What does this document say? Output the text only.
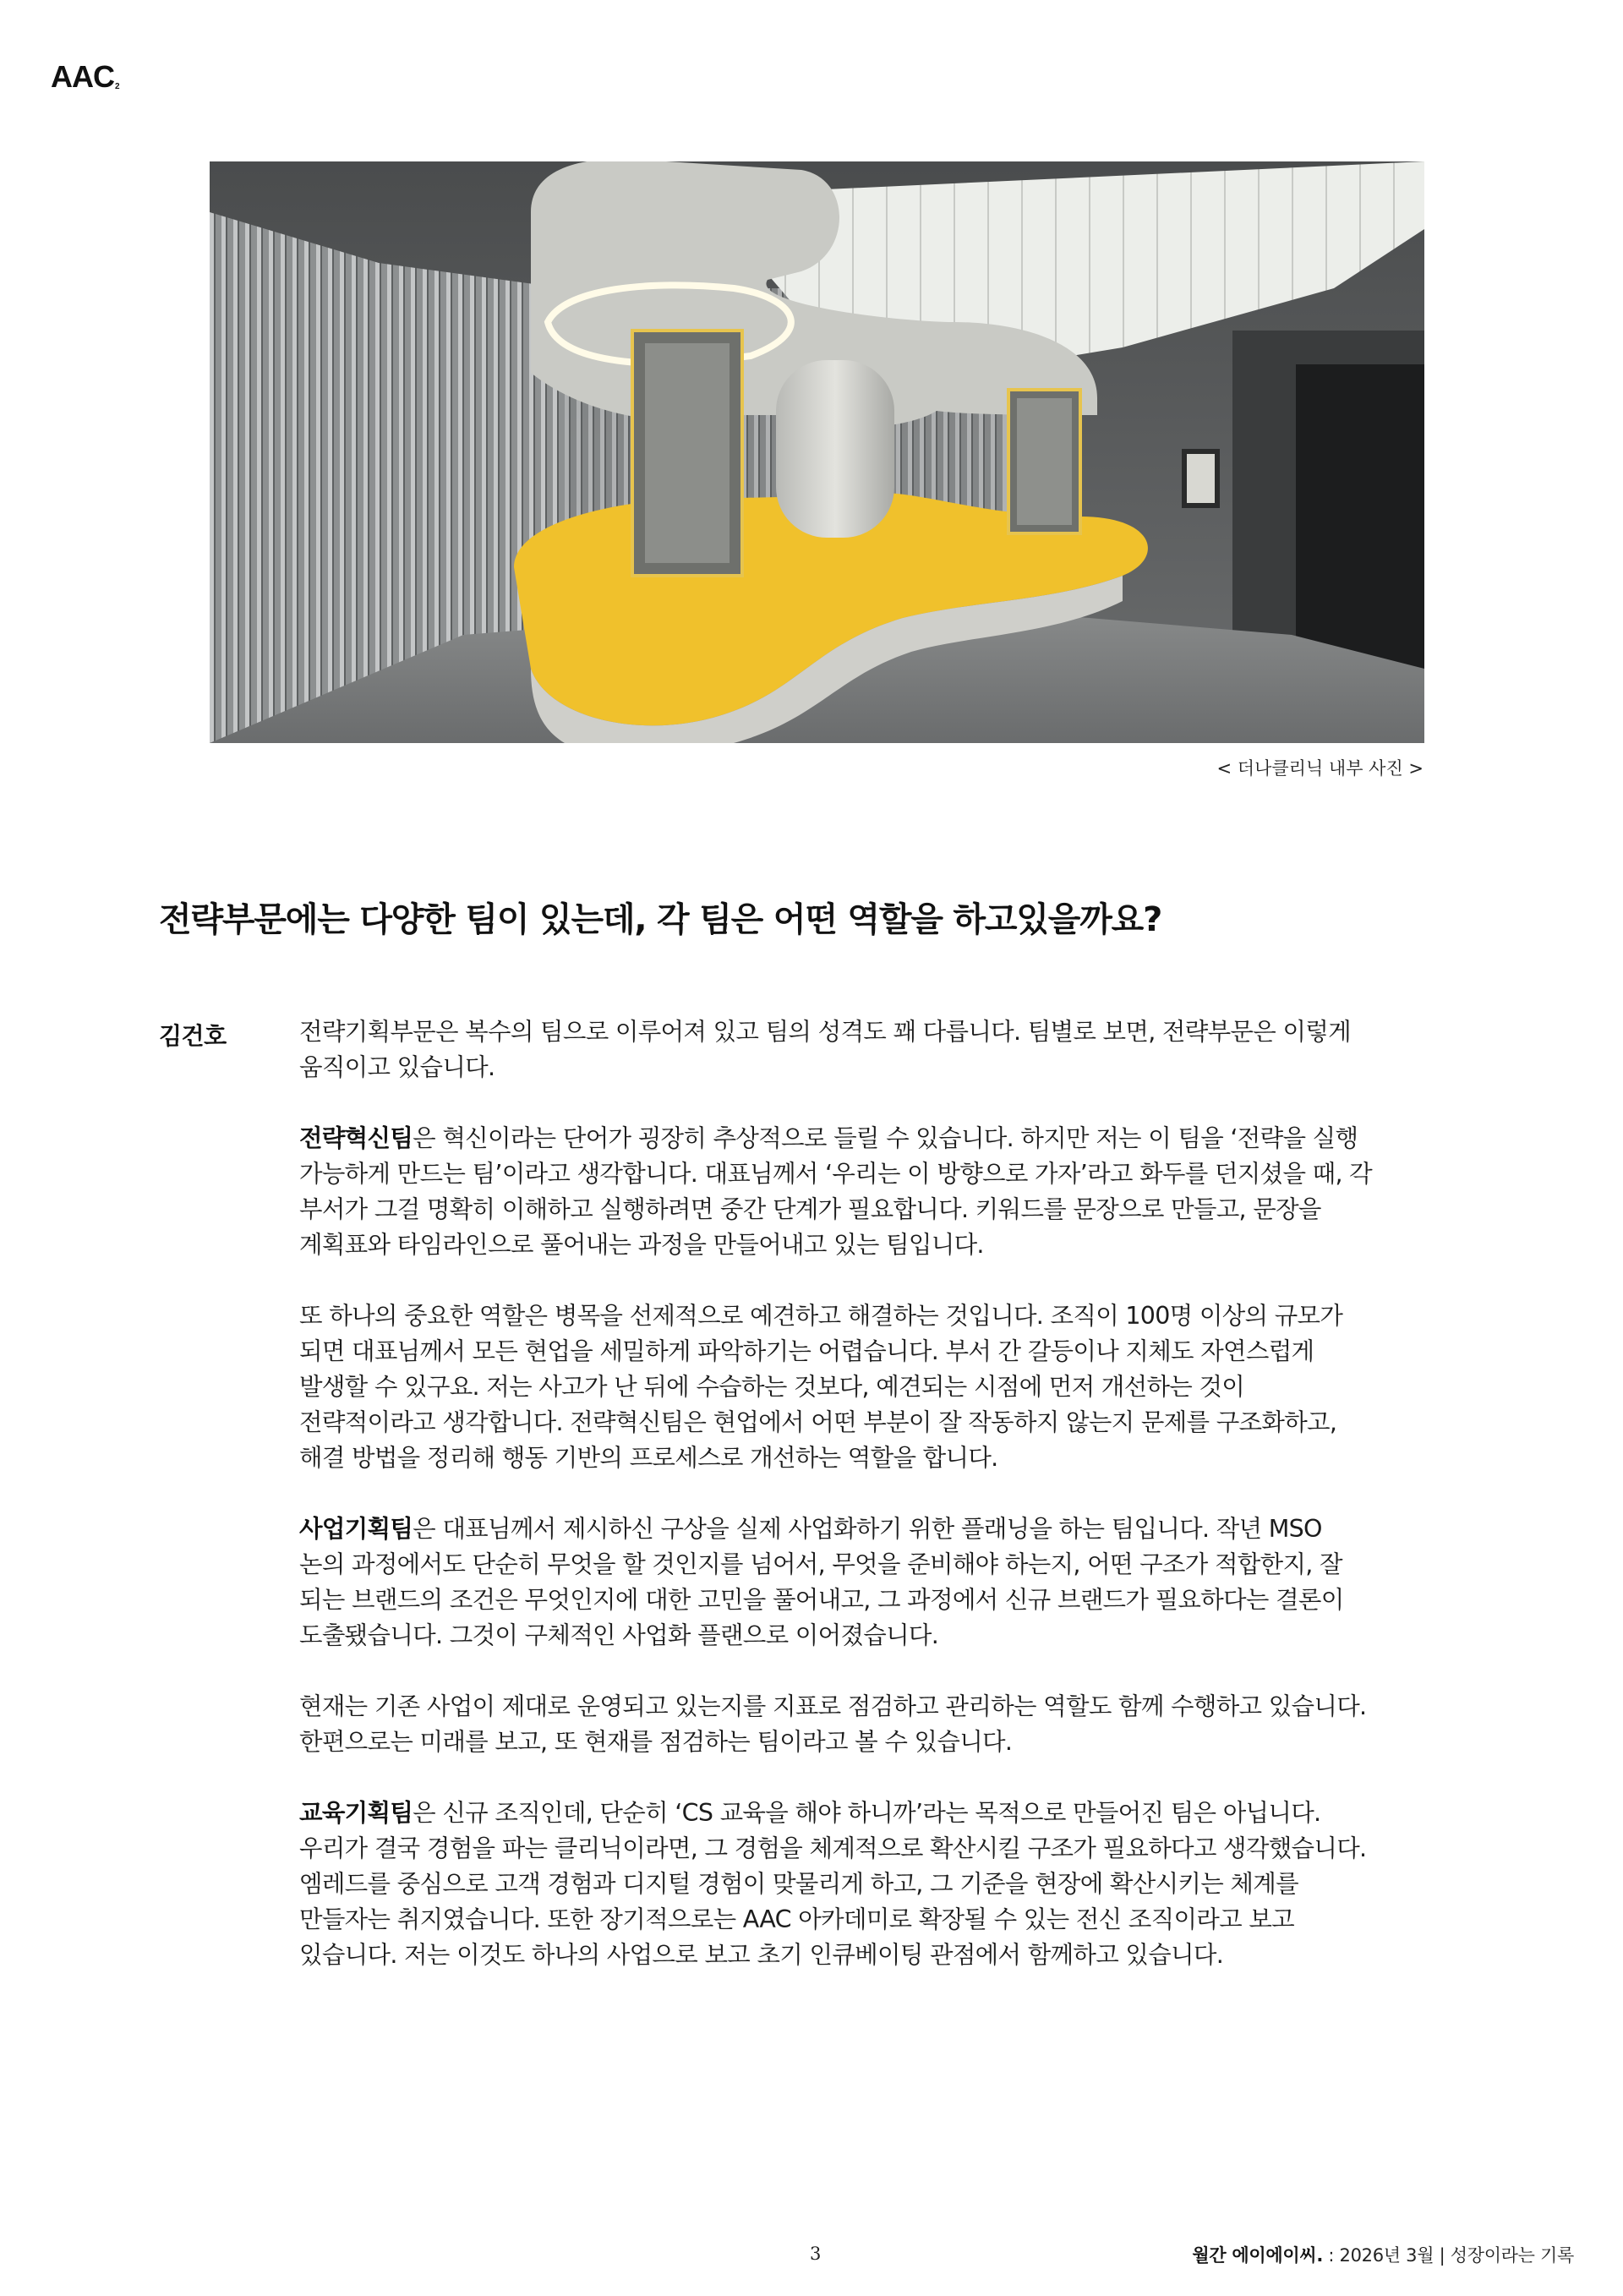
$AAC_2$
< 더나클리닉 내부 사진 >
전략부문에는 다양한 팀이 있는데, 각 팀은 어떤 역할을 하고있을까요?
김건호	전략기획부문은 복수의 팀으로 이루어져 있고 팀의 성격도 꽤 다릅니다. 팀별로 보면, 전략부문은 이렇게
움직이고 있습니다.

전략혁신팀은 혁신이라는 단어가 굉장히 추상적으로 들릴 수 있습니다. 하지만 저는 이 팀을 ‘전략을 실행
가능하게 만드는 팀’이라고 생각합니다. 대표님께서 ‘우리는 이 방향으로 가자’라고 화두를 던지셨을 때, 각
부서가 그걸 명확히 이해하고 실행하려면 중간 단계가 필요합니다. 키워드를 문장으로 만들고, 문장을
계획표와 타임라인으로 풀어내는 과정을 만들어내고 있는 팀입니다.

또 하나의 중요한 역할은 병목을 선제적으로 예견하고 해결하는 것입니다. 조직이 100명 이상의 규모가
되면 대표님께서 모든 현업을 세밀하게 파악하기는 어렵습니다. 부서 간 갈등이나 지체도 자연스럽게
발생할 수 있구요. 저는 사고가 난 뒤에 수습하는 것보다, 예견되는 시점에 먼저 개선하는 것이
전략적이라고 생각합니다. 전략혁신팀은 현업에서 어떤 부분이 잘 작동하지 않는지 문제를 구조화하고,
해결 방법을 정리해 행동 기반의 프로세스로 개선하는 역할을 합니다.

사업기획팀은 대표님께서 제시하신 구상을 실제 사업화하기 위한 플래닝을 하는 팀입니다. 작년 MSO
논의 과정에서도 단순히 무엇을 할 것인지를 넘어서, 무엇을 준비해야 하는지, 어떤 구조가 적합한지, 잘
되는 브랜드의 조건은 무엇인지에 대한 고민을 풀어내고, 그 과정에서 신규 브랜드가 필요하다는 결론이
도출됐습니다. 그것이 구체적인 사업화 플랜으로 이어졌습니다.

현재는 기존 사업이 제대로 운영되고 있는지를 지표로 점검하고 관리하는 역할도 함께 수행하고 있습니다.
한편으로는 미래를 보고, 또 현재를 점검하는 팀이라고 볼 수 있습니다.

교육기획팀은 신규 조직인데, 단순히 ‘CS 교육을 해야 하니까’라는 목적으로 만들어진 팀은 아닙니다.
우리가 결국 경험을 파는 클리닉이라면, 그 경험을 체계적으로 확산시킬 구조가 필요하다고 생각했습니다.
엠레드를 중심으로 고객 경험과 디지털 경험이 맞물리게 하고, 그 기준을 현장에 확산시키는 체계를
만들자는 취지였습니다. 또한 장기적으로는 AAC 아카데미로 확장될 수 있는 전신 조직이라고 보고
있습니다. 저는 이것도 하나의 사업으로 보고 초기 인큐베이팅 관점에서 함께하고 있습니다.

3	월간 에이에이씨. : 2026년 3월 | 성장이라는 기록
